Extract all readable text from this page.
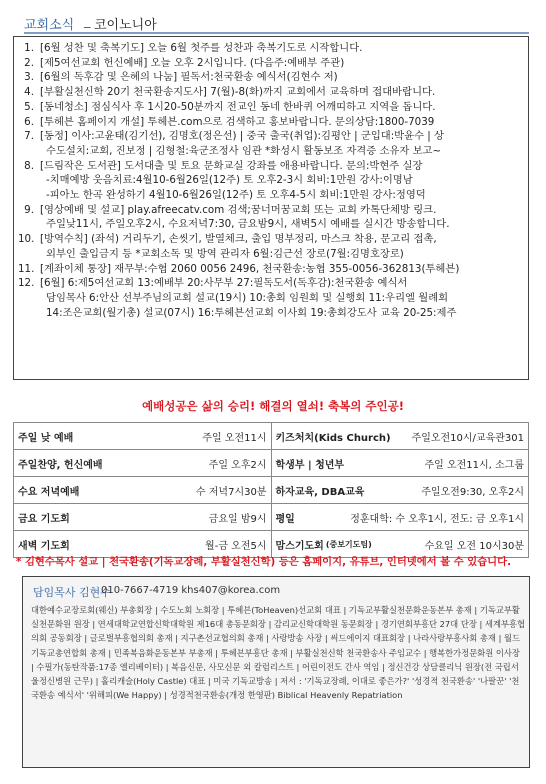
교회소식 _ 코이노니아
1. [6월 성찬 및 축복기도] 오늘 6월 첫주를 성찬과 축복기도로 시작합니다.
2. [제5여선교회 헌신예배] 오늘 오후 2시입니다. (다음주:예배부 주관)
3. [6월의 독후감 및 은혜의 나눔] 필독서:천국환송 예식서(김현수 저)
4. [부활실천신학 20기 천국환송지도사] 7(월)-8(화)까지 교회에서 교육하며 접대바랍니다.
5. [동네청소] 점심식사 후 1시20-50분까지 전교인 동네 한바퀴 어깨띠하고 지역을 돕니다.
6. [투헤븐 홈페이지 개설] 투헤븐.com으로 검색하고 홍보바랍니다. 문의상담:1800-7039
7. [동정] 이사:고윤태(김기선), 김명호(정은선) | 중국 출국(취업):김평안 | 군입대:박윤수 | 상
수도설치:교회, 진보정 | 김형철:육군조정사 임관 *화성시 활동보조 자격증 소유자 보고~
8. [드림작은 도서관] 도서대출 및 토요 문화교실 강좌를 애용바랍니다. 문의:박현주 실장
-치매예방 웃음치료:4월10-6월26일(12주) 토 오후2-3시 회비:1만원 강사:이명남
-피아노 한곡 완성하기 4월10-6월26일(12주) 토 오후4-5시 회비:1만원 강사:정영덕
9. [영상예배 및 설교] play.afreecatv.com 검색;꿈너머꿈교회 또는 교회 카톡단체방 링크.
주일낮11시, 주일오후2시, 수요저녁7:30, 금요밤9시, 새벽5시 예배를 실시간 방송합니다.
10. [방역수칙] (좌석) 거리두기, 손씻기, 발열체크, 출입 명부정리, 마스크 착용, 문고리 접촉,
외부인 출입금지 등 *교회소독 및 방역 관리자 6월:김근선 장로(7월:김명호장로)
11. [계좌이체 통장] 재무부:수협 2060 0056 2496, 천국환송:농협 355-0056-362813(투헤븐)
12. [6월] 6:제5여선교회 13:예배부 20:사무부 27:필독도서(독후감):천국환송 예식서
담임목사 6:안산 선부주님의교회 설교(19시) 10:총회 임원회 및 실행회 11:우리엘 월례회
14:조은교회(월기총) 설교(07시) 16:투헤븐선교회 이사회 19:총회강도사 교육 20-25:제주
예배성공은 삶의 승리! 해결의 열쇠! 축복의 주인공!
주일 낮 예배 주일 오전11시	키즈처치(Kids Church) 주일오전10시/교육관301

주일찬양, 헌신예배 주일 오후2시	학생부 | 청년부 주일 오전11시, 소그룹

수요 저녁예배 수 저녁7시30분	하자교육, DBA교육 주일오전9:30, 오후2시

금요 기도회 금요일 밤9시	평일 정훈대학: 수 오후1시, 전도: 금 오후1시

새벽 기도회 월-금 오전5시	맘스기도회 (중보기도팀) 수요일 오전 10시30분
* 김현수목사 설교 | 천국환송(기독교장례, 부활실천신학) 등은 홈페이지, 유튜브, 인터넷에서 볼 수 있습니다.
담임목사 김현수
010-7667-4719 khs407@korea.com
대한예수교장로회(웨신) 부총회장 | 수도노회 노회장 | 투헤븐(ToHeaven)선교회 대표 | 기독교부활실천문화운동본부 총재 | 기독교부활실천문화원 원장 | 연세대학교연합신학대학원 제16대 총동문회장 | 감리교신학대학원 동문회장 | 경기연회부흥단 27대 단장 | 세계부흥협의회 공동회장 | 글로벌부흥협의회 총재 | 지구촌선교협의회 총재 | 사랑방송 사장 | 써드에이지 대표회장 | 나라사랑부흥사회 총재 | 월드기독교총연합회 총재 | 민족복음화운동본부 부총재 | 투헤븐부흥단 총재 | 부활실천신학 천국환송사 주임교수 | 행복한가정문화원 이사장 | 수필가(동탄작품:17종 엘리베이터) | 복음신문, 사모신문 외 칼럼리스트 | 어린이전도 간사 역임 | 정신건강 상담클리닉 원장(전 국립서울정신병원 근무) | 홀리캐슬(Holy Castle) 대표 | 미국 기독교방송 | 저서 : '기독교장례, 이대로 좋은가?' '성경적 천국환송' '나팔꾼' '천국환송 예식서' '위해피(We Happy) | 성경적천국환송(개정 한영판) Biblical Heavenly Repatriation
